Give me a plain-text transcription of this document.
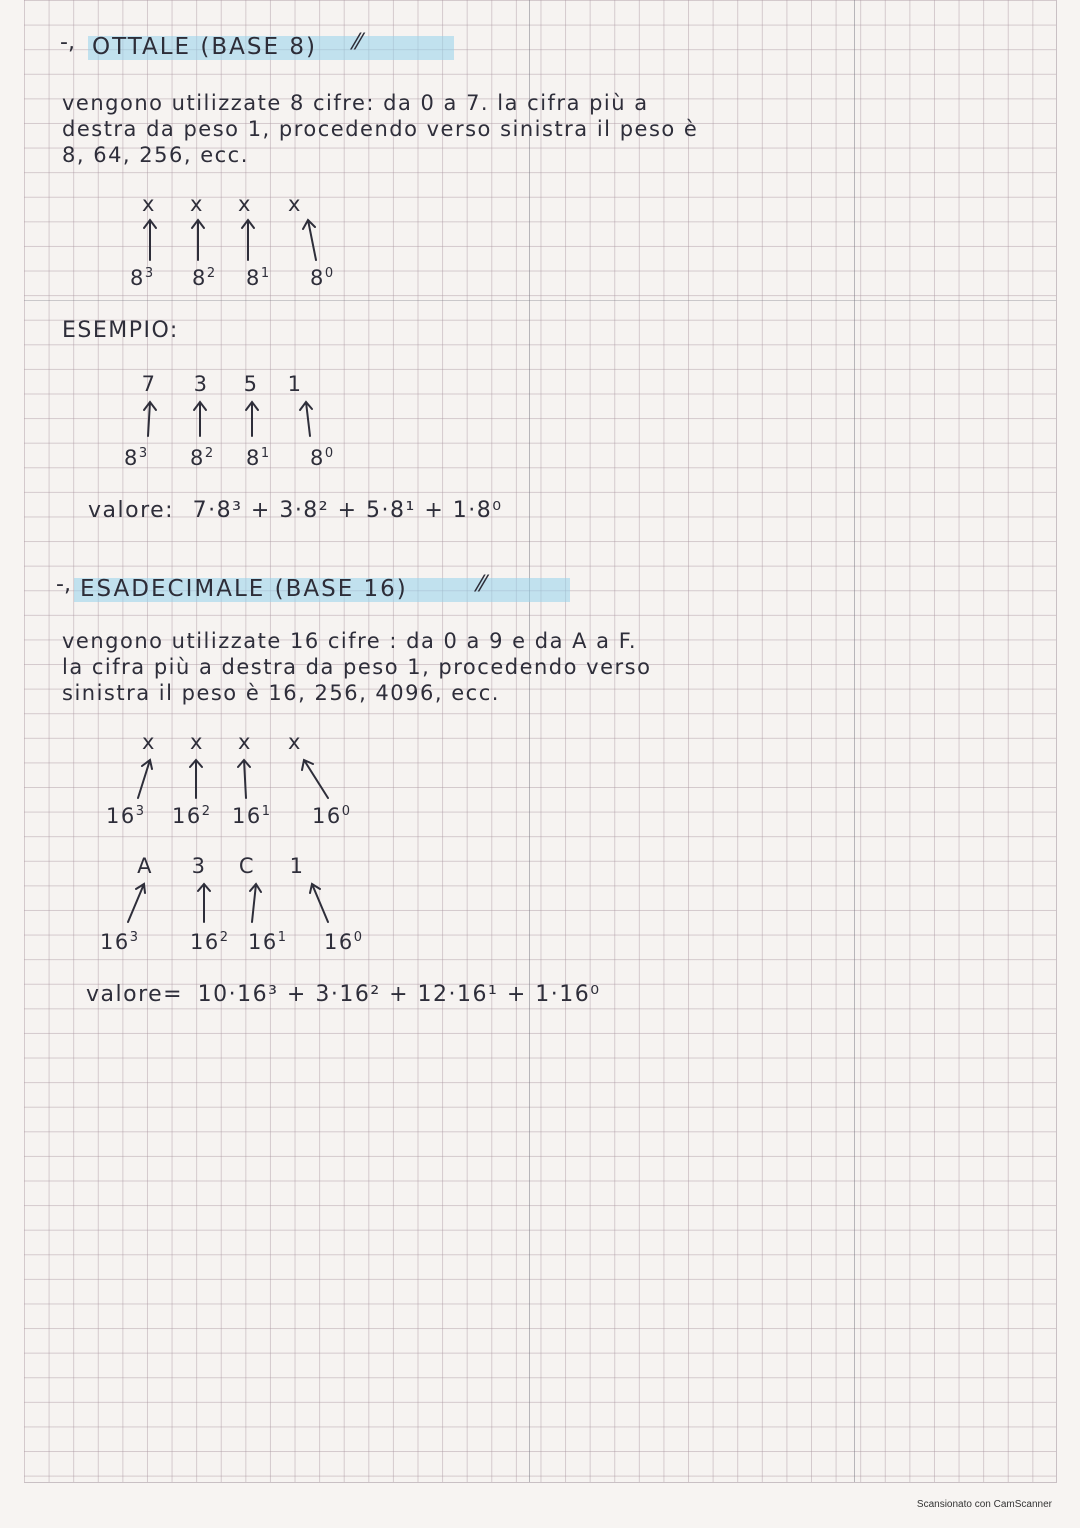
-, OTTALE (BASE 8) ⁄⁄
vengono utilizzate 8 cifre: da 0 a 7. la cifra più a
destra da peso 1, procedendo verso sinistra il peso è
8, 64, 256, ecc.
x	x	x	x
$8^3$ $8^2$ $8^1$ $8^0$
ESEMPIO:
7	3	5	1
$8^3$ $8^2$ $8^1$ $8^0$
valore: 7·8³ + 3·8² + 5·8¹ + 1·8⁰
-, ESADECIMALE (BASE 16)	⁄⁄
vengono utilizzate 16 cifre : da 0 a 9 e da A a F.
la cifra più a destra da peso 1, procedendo verso
sinistra il peso è 16, 256, 4096, ecc.
x	x	x	x
$16^3$ $16^2$ $16^1$ $16^0$
A	3	C	1
$16^3$ $16^2$ $16^1$ $16^0$
valore= 10·16³ + 3·16² + 12·16¹ + 1·16⁰
Scansionato con CamScanner
